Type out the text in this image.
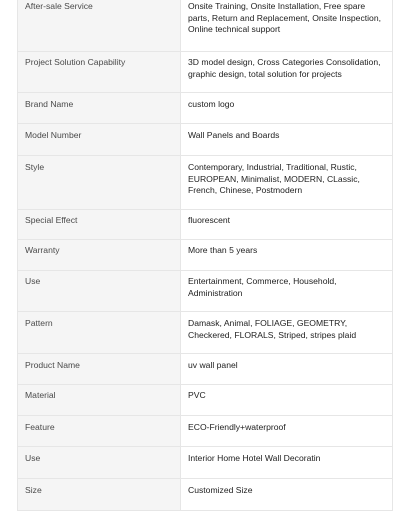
After-sale Service	Onsite Training, Onsite Installation, Free spare parts, Return and Replacement, Onsite Inspection, Online technical support
Project Solution Capability	3D model design, Cross Categories Consolidation, graphic design, total solution for projects
Brand Name	custom logo
Model Number	Wall Panels and Boards
Style	Contemporary, Industrial, Traditional, Rustic, EUROPEAN, Minimalist, MODERN, CLassic, French, Chinese, Postmodern
Special Effect	fluorescent
Warranty	More than 5 years
Use	Entertainment, Commerce, Household, Administration
Pattern	Damask, Animal, FOLIAGE, GEOMETRY, Checkered, FLORALS, Striped, stripes plaid
Product Name	uv wall panel
Material	PVC
Feature	ECO-Friendly+waterproof
Use	Interior Home Hotel Wall Decoratin
Size	Customized Size
